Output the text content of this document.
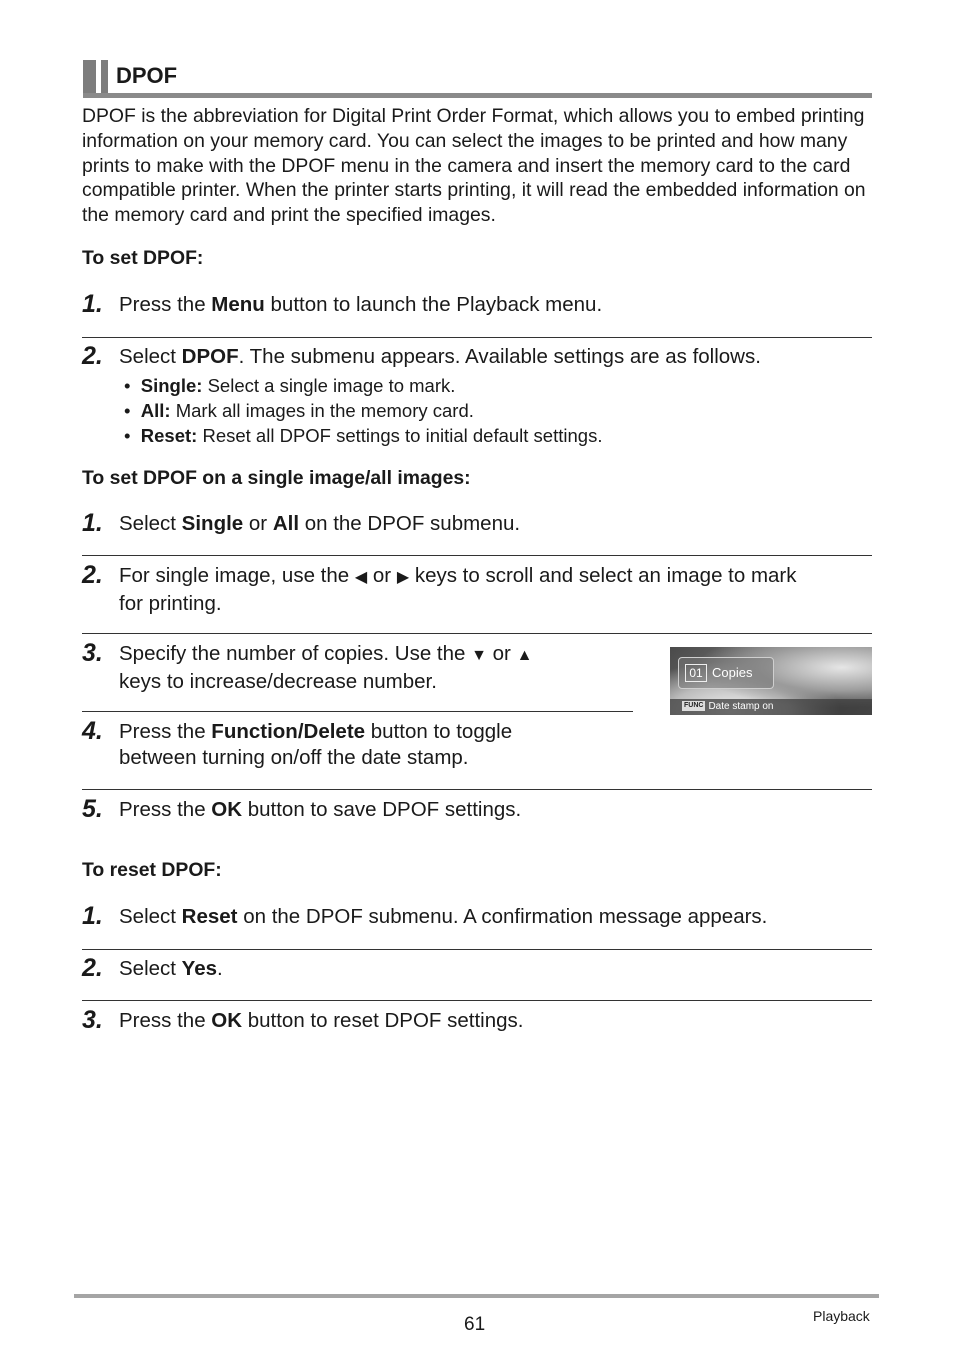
DPOF
DPOF is the abbreviation for Digital Print Order Format, which allows you to embed printing information on your memory card. You can select the images to be printed and how many prints to make with the DPOF menu in the camera and insert the memory card to the card compatible printer. When the printer starts printing, it will read the embedded information on the memory card and print the specified images.
To set DPOF:
1. Press the Menu button to launch the Playback menu.
2. Select DPOF. The submenu appears. Available settings are as follows.
• Single: Select a single image to mark.
• All: Mark all images in the memory card.
• Reset: Reset all DPOF settings to initial default settings.
To set DPOF on a single image/all images:
1. Select Single or All on the DPOF submenu.
2. For single image, use the ◀ or ▶ keys to scroll and select an image to mark
for printing.
3. Specify the number of copies. Use the ▼ or ▲
keys to increase/decrease number.	01 Copies
FUNC Date stamp on
4. Press the Function/Delete button to toggle
between turning on/off the date stamp.
5. Press the OK button to save DPOF settings.
To reset DPOF:
1. Select Reset on the DPOF submenu. A confirmation message appears.
2. Select Yes.
3. Press the OK button to reset DPOF settings.
61	Playback
